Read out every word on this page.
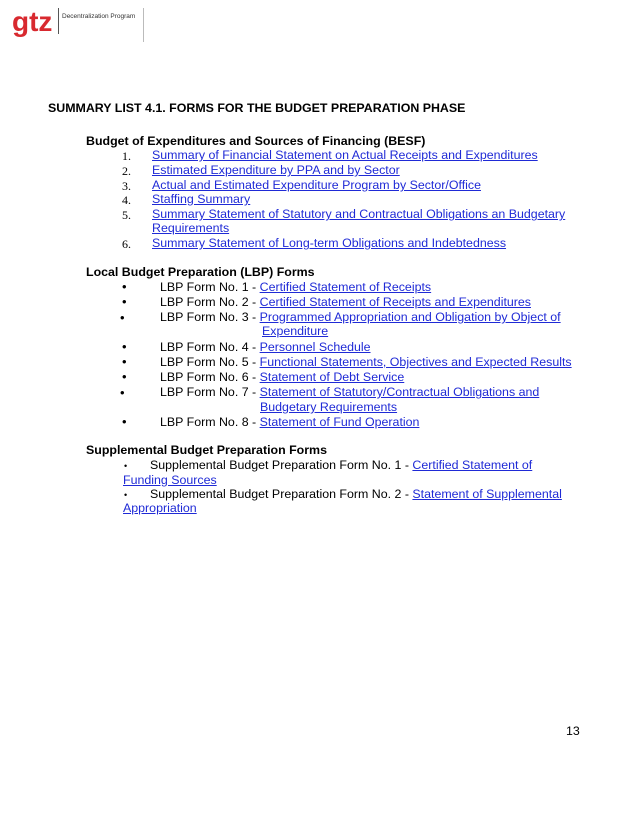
gtz Decentralization Program
SUMMARY LIST 4.1. FORMS FOR THE BUDGET PREPARATION PHASE
Budget of Expenditures and Sources of Financing (BESF)
1. Summary of Financial Statement on Actual Receipts and Expenditures
2. Estimated Expenditure by PPA and by Sector
3. Actual and Estimated Expenditure Program by Sector/Office
4. Staffing Summary
5. Summary Statement of Statutory and Contractual Obligations an Budgetary
Requirements
6. Summary Statement of Long-term Obligations and Indebtedness
Local Budget Preparation (LBP) Forms
•	LBP Form No. 1 - Certified Statement of Receipts
•	LBP Form No. 2 - Certified Statement of Receipts and Expenditures
•	LBP Form No. 3 - Programmed Appropriation and Obligation by Object of
Expenditure
•	LBP Form No. 4 - Personnel Schedule
•	LBP Form No. 5 - Functional Statements, Objectives and Expected Results
•	LBP Form No. 6 - Statement of Debt Service
•	LBP Form No. 7 - Statement of Statutory/Contractual Obligations and
Budgetary Requirements
•	LBP Form No. 8 - Statement of Fund Operation
Supplemental Budget Preparation Forms
• Supplemental Budget Preparation Form No. 1 - Certified Statement of
Funding Sources
• Supplemental Budget Preparation Form No. 2 - Statement of Supplemental
Appropriation
13
